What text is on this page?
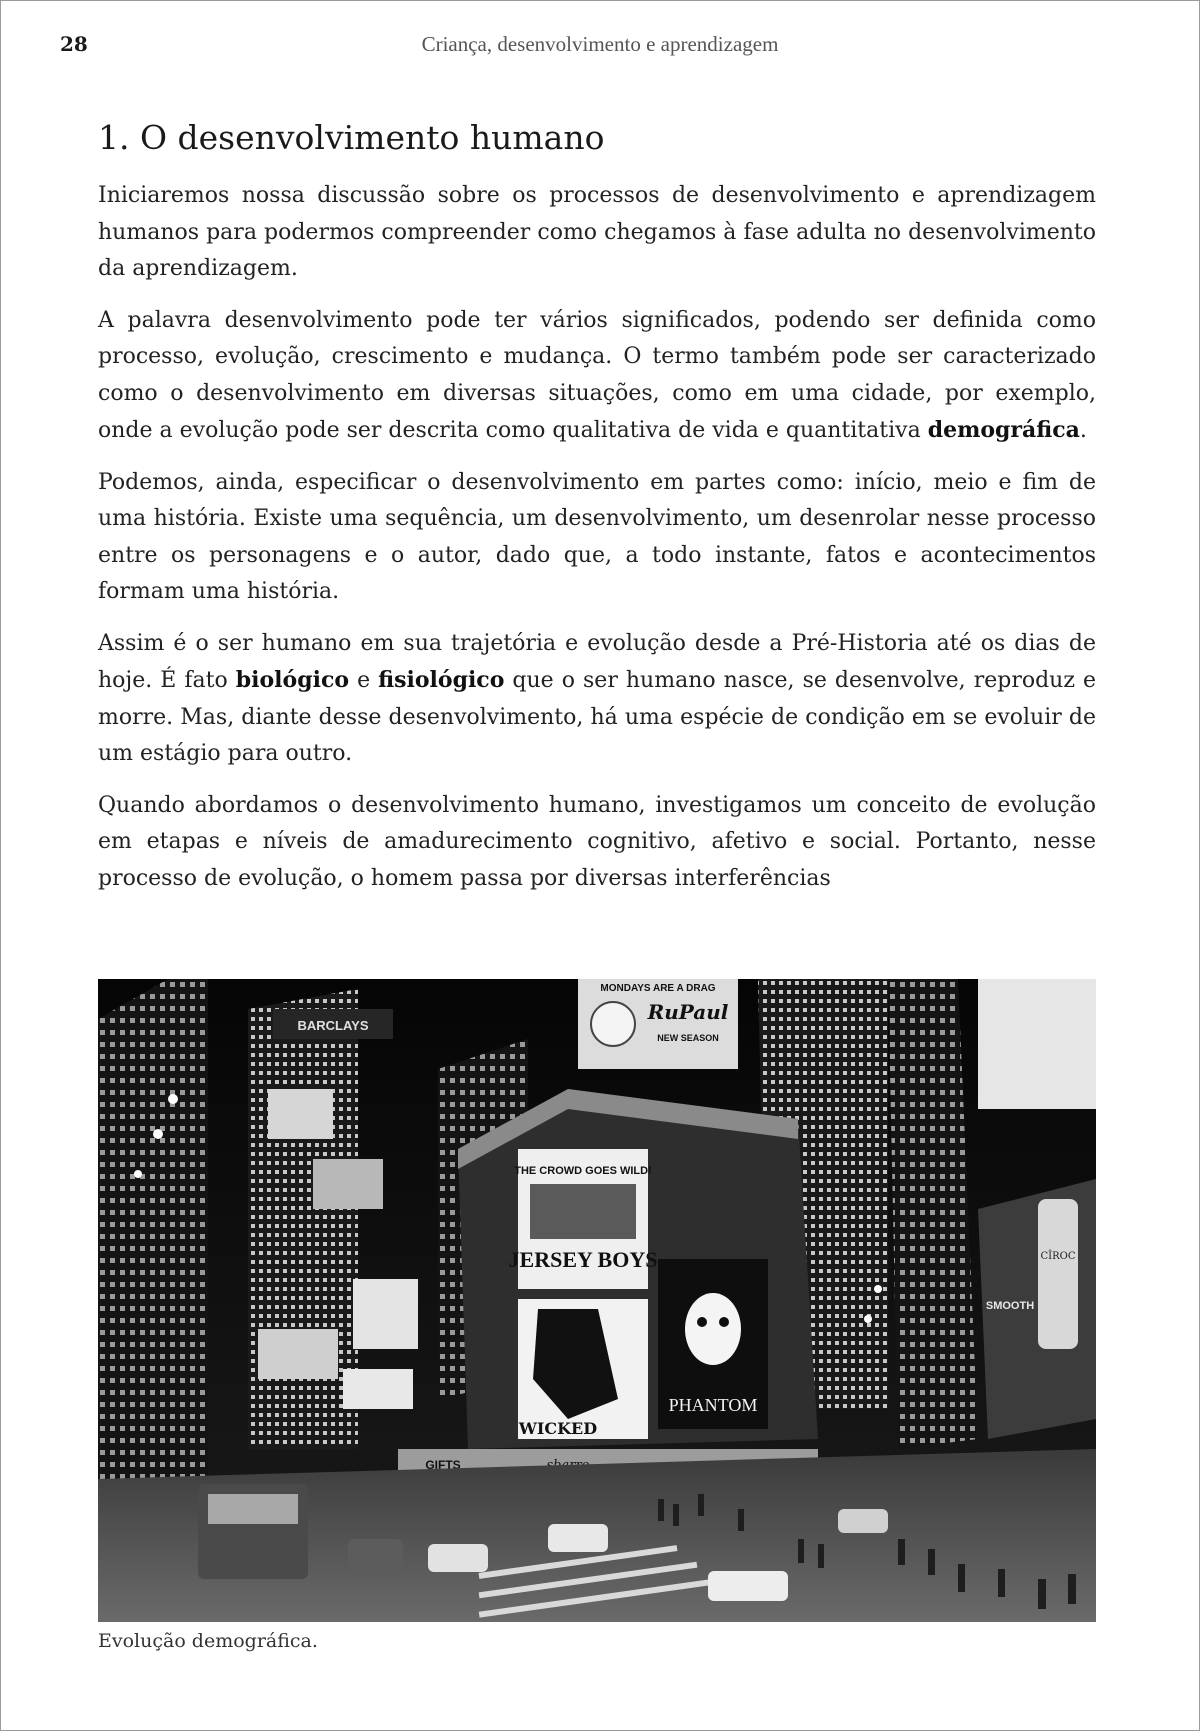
28	Criança, desenvolvimento e aprendizagem
1. O desenvolvimento humano

Iniciaremos nossa discussão sobre os processos de desenvolvimento e aprendizagem humanos para podermos compreender como chegamos à fase adulta no desenvolvimento da aprendizagem.

A palavra desenvolvimento pode ter vários significados, podendo ser definida como processo, evolução, crescimento e mudança. O termo também pode ser caracterizado como o desenvolvimento em diversas situações, como em uma cidade, por exemplo, onde a evolução pode ser descrita como qualitativa de vida e quantitativa demográfica.

Podemos, ainda, especificar o desenvolvimento em partes como: início, meio e fim de uma história. Existe uma sequência, um desenvolvimento, um desenrolar nesse processo entre os personagens e o autor, dado que, a todo instante, fatos e acontecimentos formam uma história.

Assim é o ser humano em sua trajetória e evolução desde a Pré-Historia até os dias de hoje. É fato biológico e fisiológico que o ser humano nasce, se desenvolve, reproduz e morre. Mas, diante desse desenvolvimento, há uma espécie de condição em se evoluir de um estágio para outro.

Quando abordamos o desenvolvimento humano, investigamos um conceito de evolução em etapas e níveis de amadurecimento cognitivo, afetivo e social. Portanto, nesse processo de evolução, o homem passa por diversas interferências

BARCLAYS
MONDAYS ARE A DRAG
RuPaul
NEW SEASON
THE CROWD GOES WILD!
JERSEY BOYS
WICKED
PHANTOM
CÎROC
SMOOTH
GIFTS
Evolução demográfica.
